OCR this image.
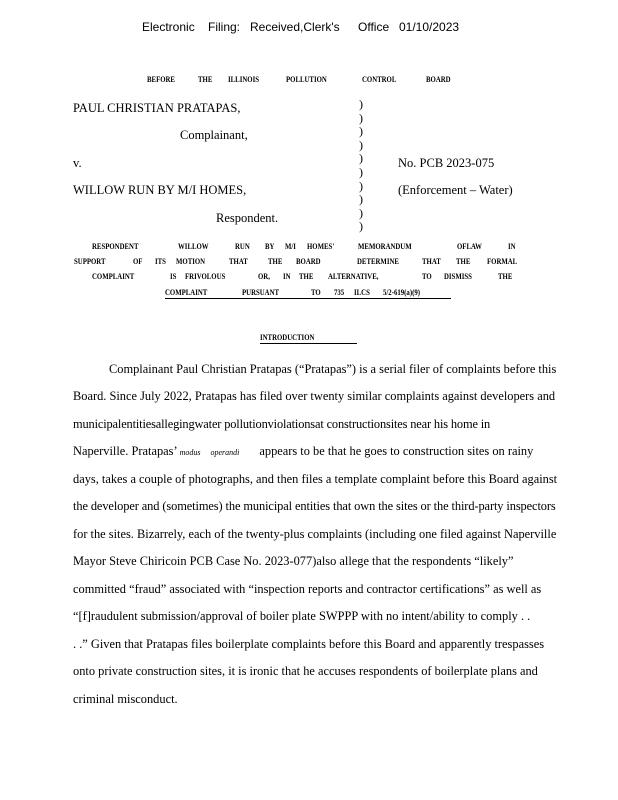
Electronic Filing: Received,Clerk's Office 01/10/2023
BEFORE	THE ILLINOIS	POLLUTION	CONTROL	BOARD
PAUL CHRISTIAN PRATAPAS,
Complainant,
v.
WILLOW RUN BY M/I HOMES,
Respondent.
)
)
)
)
)
)
)
)
)
)
No. PCB 2023-075
(Enforcement – Water)
RESPONDENT	WILLOW	RUN BY M/I HOMES'	MEMORANDUM	OFLAW	IN
SUPPORT	OF ITS MOTION	THAT	THE BOARD	DETERMINE	THAT THE FORMAL
COMPLAINT	IS FRIVOLOUS	OR, IN THE ALTERNATIVE,	TO DISMISS	THE
COMPLAINT	PURSUANT	TO 735 ILCS 5/2-619(a)(9)
INTRODUCTION
Complainant Paul Christian Pratapas (“Pratapas”) is a serial filer of complaints before this
Board. Since July 2022, Pratapas has filed over twenty similar complaints against developers and
municipalentitiesallegingwater pollutionviolationsat constructionsites near his home in
Naperville. Pratapas’ modus operandi appears to be that he goes to construction sites on rainy
days, takes a couple of photographs, and then files a template complaint before this Board against
the developer and (sometimes) the municipal entities that own the sites or the third-party inspectors
for the sites. Bizarrely, each of the twenty-plus complaints (including one filed against Naperville
Mayor Steve Chiricoin PCB Case No. 2023-077)also allege that the respondents “likely”
committed “fraud” associated with “inspection reports and contractor certifications” as well as
“[f]raudulent submission/approval of boiler plate SWPPP with no intent/ability to comply . .
. .” Given that Pratapas files boilerplate complaints before this Board and apparently trespasses
onto private construction sites, it is ironic that he accuses respondents of boilerplate plans and
criminal misconduct.
